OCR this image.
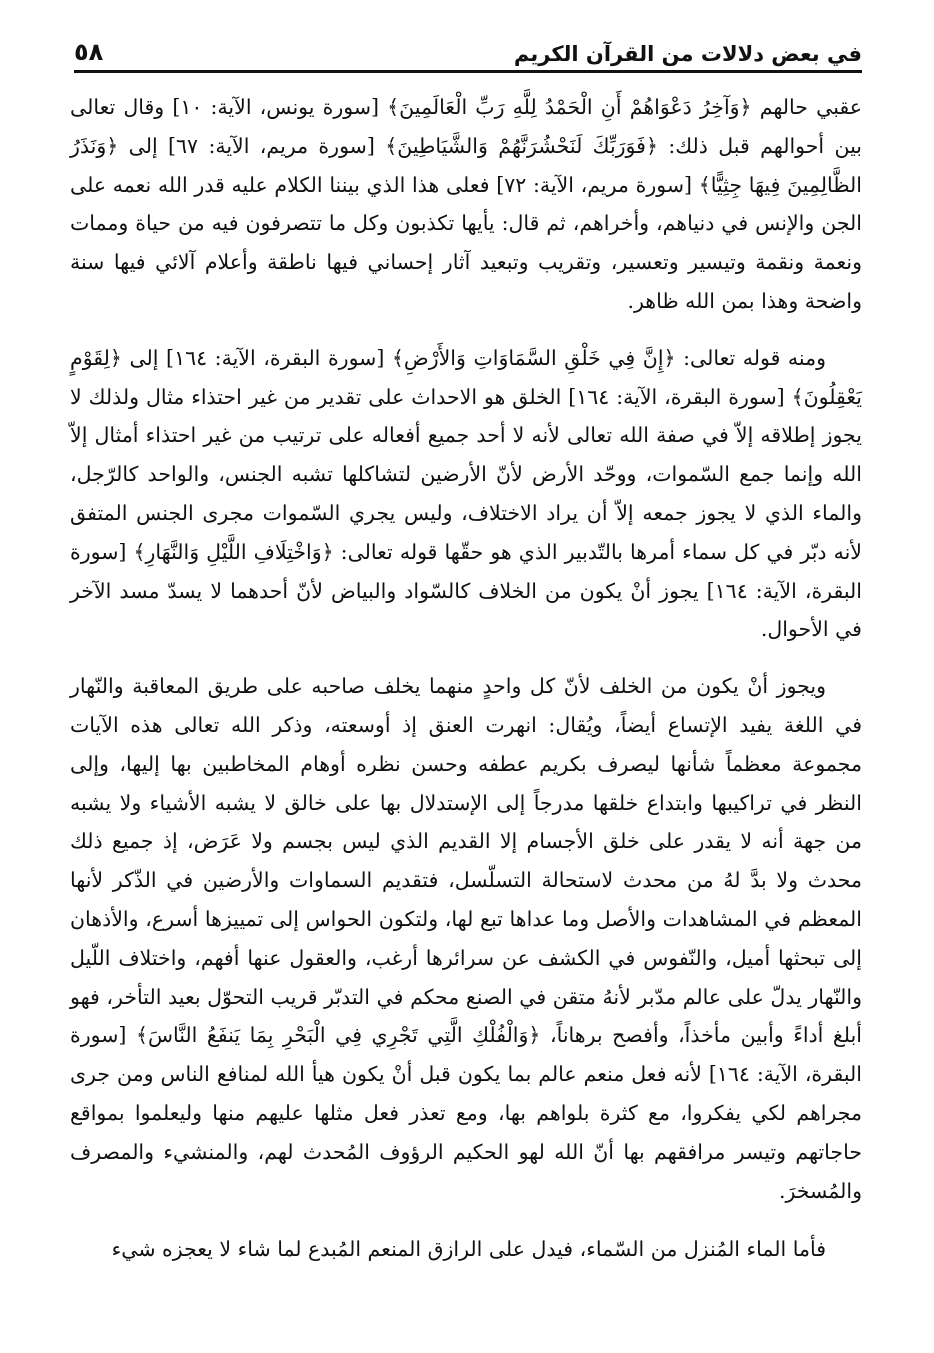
في بعض دلالات من القرآن الكريم
٥٨

عقبي حالهم ﴿وَآخِرُ دَعْوَاهُمْ أَنِ الْحَمْدُ لِلَّهِ رَبِّ الْعَالَمِينَ﴾ [سورة يونس، الآية: ١٠] وقال تعالى بين أحوالهم قبل ذلك: ﴿فَوَرَبِّكَ لَنَحْشُرَنَّهُمْ وَالشَّيَاطِينَ﴾ [سورة مريم، الآية: ٦٧] إلى ﴿وَنَذَرُ الظَّالِمِينَ فِيهَا جِثِيًّا﴾ [سورة مريم، الآية: ٧٢] فعلى هذا الذي بيننا الكلام عليه قدر الله نعمه على الجن والإنس في دنياهم، وأخراهم، ثم قال: يأيها تكذبون وكل ما تتصرفون فيه من حياة وممات ونعمة ونقمة وتيسير وتعسير، وتقريب وتبعيد آثار إحساني فيها ناطقة وأعلام آلائي فيها سنة واضحة وهذا بمن الله ظاهر.

ومنه قوله تعالى: ﴿إِنَّ فِي خَلْقِ السَّمَاوَاتِ وَالأَرْضِ﴾ [سورة البقرة، الآية: ١٦٤] إلى ﴿لِقَوْمٍ يَعْقِلُونَ﴾ [سورة البقرة، الآية: ١٦٤] الخلق هو الاحداث على تقدير من غير احتذاء مثال ولذلك لا يجوز إطلاقه إلاّ في صفة الله تعالى لأنه لا أحد جميع أفعاله على ترتيب من غير احتذاء أمثال إلاّ الله وإنما جمع السّموات، ووحّد الأرض لأنّ الأرضين لتشاكلها تشبه الجنس، والواحد كالرّجل، والماء الذي لا يجوز جمعه إلاّ أن يراد الاختلاف، وليس يجري السّموات مجرى الجنس المتفق لأنه دبّر في كل سماء أمرها بالتّدبير الذي هو حقّها قوله تعالى: ﴿وَاخْتِلَافِ اللَّيْلِ وَالنَّهَارِ﴾ [سورة البقرة، الآية: ١٦٤] يجوز أنْ يكون من الخلاف كالسّواد والبياض لأنّ أحدهما لا يسدّ مسد الآخر في الأحوال.

ويجوز أنْ يكون من الخلف لأنّ كل واحدٍ منهما يخلف صاحبه على طريق المعاقبة والنّهار في اللغة يفيد الإتساع أيضاً، ويُقال: انهرت العنق إذ أوسعته، وذكر الله تعالى هذه الآيات مجموعة معظماً شأنها ليصرف بكريم عطفه وحسن نظره أوهام المخاطبين بها إليها، وإلى النظر في تراكيبها وابتداع خلقها مدرجاً إلى الإستدلال بها على خالق لا يشبه الأشياء ولا يشبه من جهة أنه لا يقدر على خلق الأجسام إلا القديم الذي ليس بجسم ولا عَرَض، إذ جميع ذلك محدث ولا بدَّ لهُ من محدث لاستحالة التسلّسل، فتقديم السماوات والأرضين في الذّكر لأنها المعظم في المشاهدات والأصل وما عداها تبع لها، ولتكون الحواس إلى تمييزها أسرع، والأذهان إلى تبحثها أميل، والنّفوس في الكشف عن سرائرها أرغب، والعقول عنها أفهم، واختلاف اللّيل والنّهار يدلّ على عالم مدّبر لأنهُ متقن في الصنع محكم في التدبّر قريب التحوّل بعيد التأخر، فهو أبلغ أداءً وأبين مأخذاً، وأفصح برهاناً، ﴿وَالْفُلْكِ الَّتِي تَجْرِي فِي الْبَحْرِ بِمَا يَنفَعُ النَّاسَ﴾ [سورة البقرة، الآية: ١٦٤] لأنه فعل منعم عالم بما يكون قبل أنْ يكون هيأ الله لمنافع الناس ومن جرى مجراهم لكي يفكروا، مع كثرة بلواهم بها، ومع تعذر فعل مثلها عليهم منها وليعلموا بمواقع حاجاتهم وتيسر مرافقهم بها أنّ الله لهو الحكيم الرؤوف المُحدث لهم، والمنشيء والمصرف والمُسخرَ.

فأما الماء المُنزل من السّماء، فيدل على الرازق المنعم المُبدع لما شاء لا يعجزه شيء
